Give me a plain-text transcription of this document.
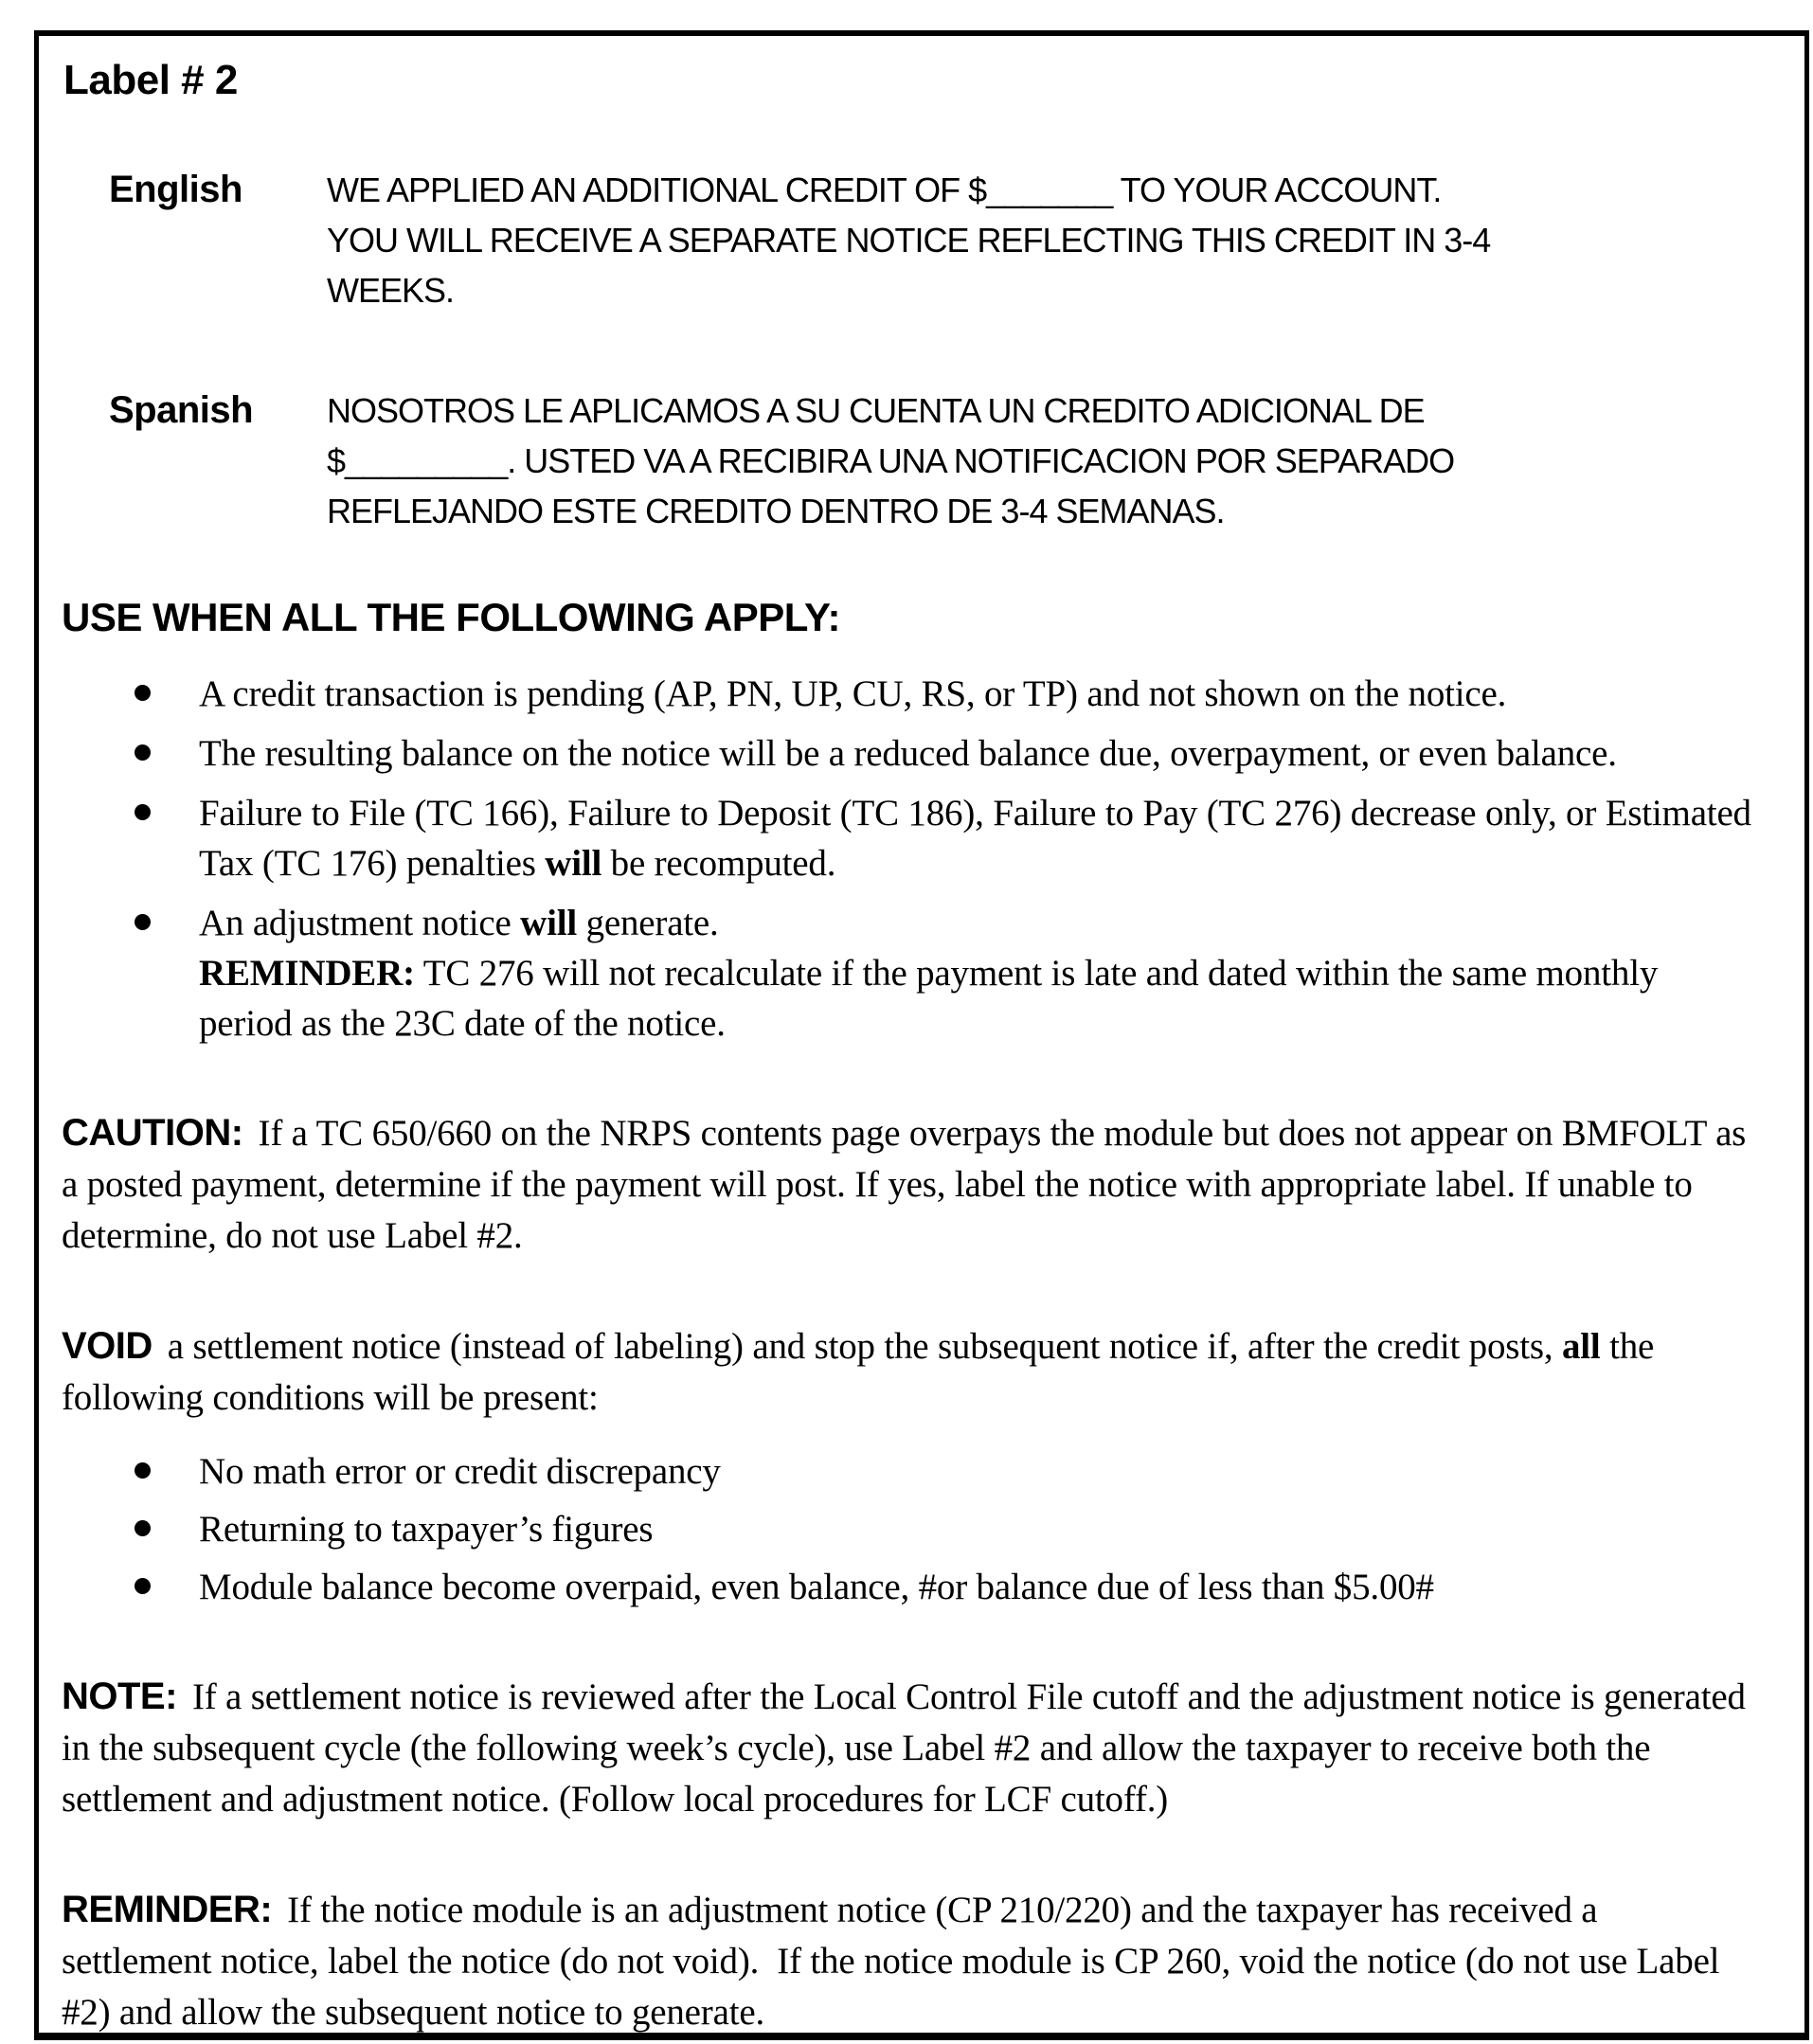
Label # 2
English	WE APPLIED AN ADDITIONAL CREDIT OF $_______ TO YOUR ACCOUNT.
YOU WILL RECEIVE A SEPARATE NOTICE REFLECTING THIS CREDIT IN 3-4
WEEKS.
Spanish	NOSOTROS LE APLICAMOS A SU CUENTA UN CREDITO ADICIONAL DE
$_________. USTED VA A RECIBIRA UNA NOTIFICACION POR SEPARADO
REFLEJANDO ESTE CREDITO DENTRO DE 3-4 SEMANAS.
USE WHEN ALL THE FOLLOWING APPLY:
A credit transaction is pending (AP, PN, UP, CU, RS, or TP) and not shown on the notice.
The resulting balance on the notice will be a reduced balance due, overpayment, or even balance.
Failure to File (TC 166), Failure to Deposit (TC 186), Failure to Pay (TC 276) decrease only, or Estimated Tax (TC 176) penalties will be recomputed.
An adjustment notice will generate.
REMINDER: TC 276 will not recalculate if the payment is late and dated within the same monthly period as the 23C date of the notice.

CAUTION: If a TC 650/660 on the NRPS contents page overpays the module but does not appear on BMFOLT as a posted payment, determine if the payment will post. If yes, label the notice with appropriate label. If unable to determine, do not use Label #2.

VOID a settlement notice (instead of labeling) and stop the subsequent notice if, after the credit posts, all the following conditions will be present:

No math error or credit discrepancy
Returning to taxpayer’s figures
Module balance become overpaid, even balance, #or balance due of less than $5.00#

NOTE: If a settlement notice is reviewed after the Local Control File cutoff and the adjustment notice is generated in the subsequent cycle (the following week’s cycle), use Label #2 and allow the taxpayer to receive both the settlement and adjustment notice. (Follow local procedures for LCF cutoff.)

REMINDER: If the notice module is an adjustment notice (CP 210/220) and the taxpayer has received a settlement notice, label the notice (do not void).  If the notice module is CP 260, void the notice (do not use Label #2) and allow the subsequent notice to generate.
